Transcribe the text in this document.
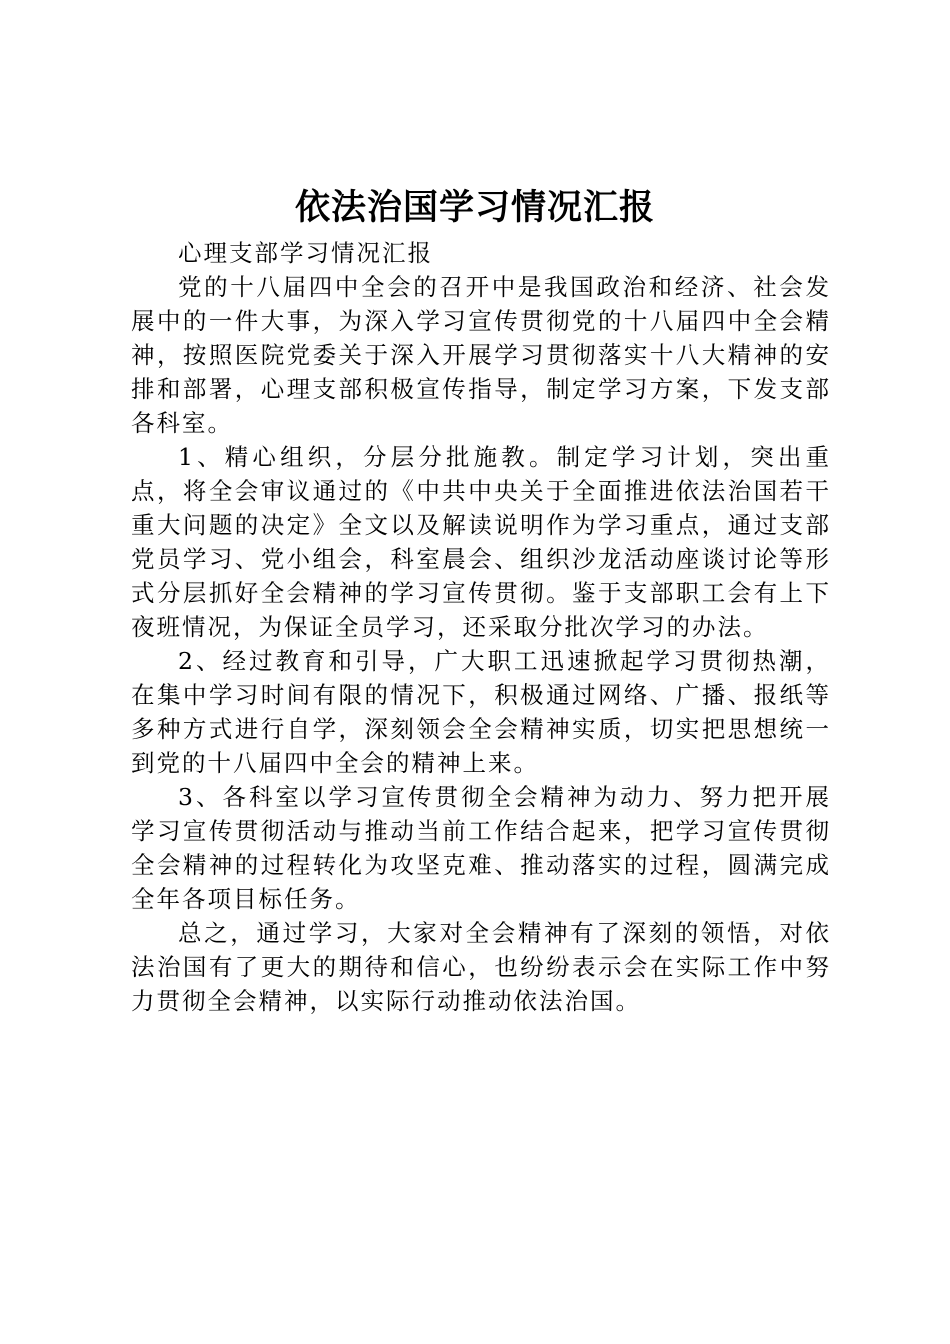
依法治国学习情况汇报

心理支部学习情况汇报

党的十八届四中全会的召开中是我国政治和经济、社会发展中的一件大事，为深入学习宣传贯彻党的十八届四中全会精神，按照医院党委关于深入开展学习贯彻落实十八大精神的安排和部署，心理支部积极宣传指导，制定学习方案，下发支部各科室。

1、精心组织，分层分批施教。制定学习计划，突出重点，将全会审议通过的《中共中央关于全面推进依法治国若干重大问题的决定》全文以及解读说明作为学习重点，通过支部党员学习、党小组会，科室晨会、组织沙龙活动座谈讨论等形式分层抓好全会精神的学习宣传贯彻。鉴于支部职工会有上下夜班情况，为保证全员学习，还采取分批次学习的办法。

2、经过教育和引导，广大职工迅速掀起学习贯彻热潮，在集中学习时间有限的情况下，积极通过网络、广播、报纸等多种方式进行自学，深刻领会全会精神实质，切实把思想统一到党的十八届四中全会的精神上来。

3、各科室以学习宣传贯彻全会精神为动力、努力把开展学习宣传贯彻活动与推动当前工作结合起来，把学习宣传贯彻全会精神的过程转化为攻坚克难、推动落实的过程，圆满完成全年各项目标任务。

总之，通过学习，大家对全会精神有了深刻的领悟，对依法治国有了更大的期待和信心，也纷纷表示会在实际工作中努力贯彻全会精神，以实际行动推动依法治国。
